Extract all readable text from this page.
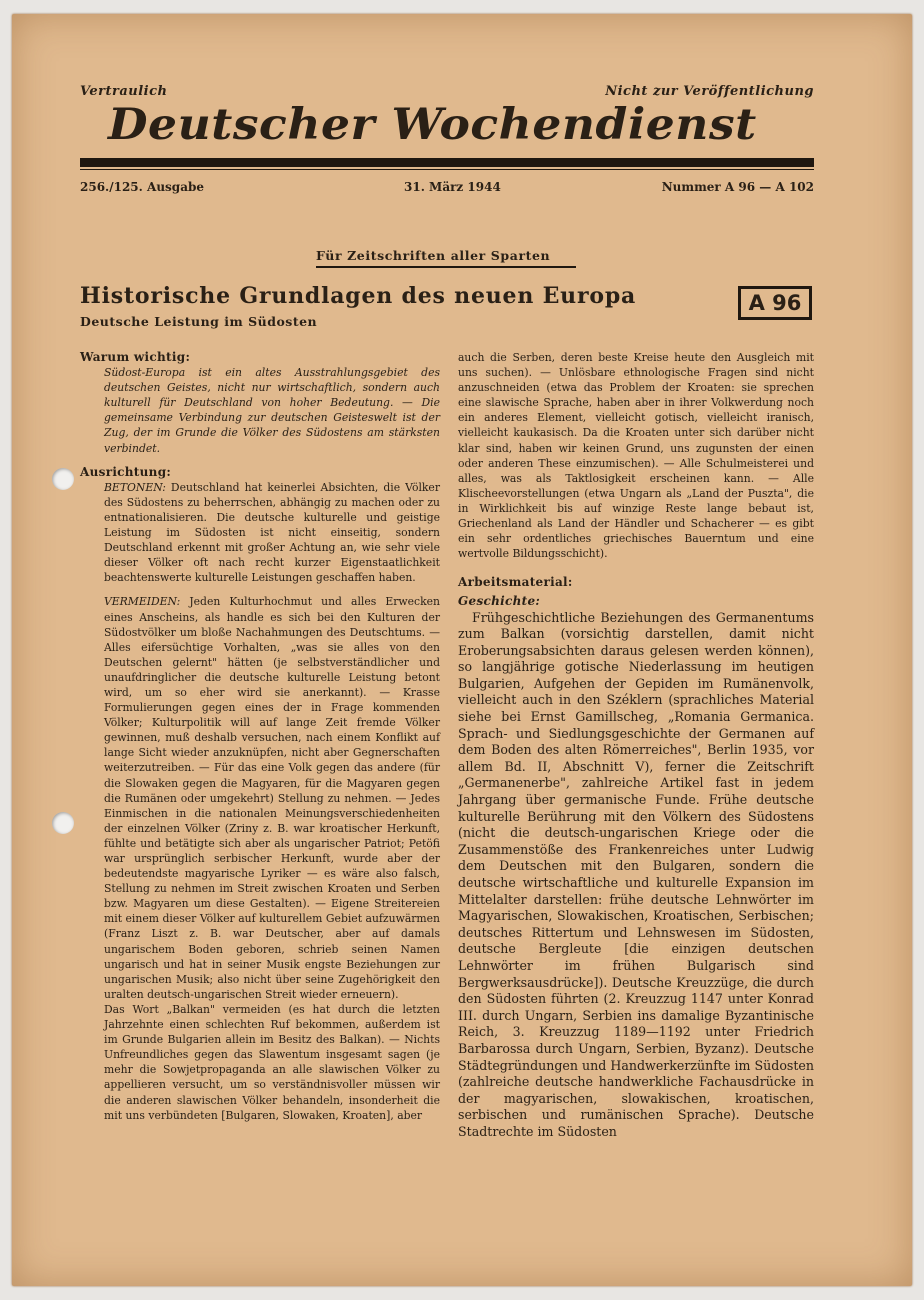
Vertraulich	Nicht zur Veröffentlichung
Deutscher Wochendienst
256./125. Ausgabe	31. März 1944	Nummer A 96 — A 102
Für Zeitschriften aller Sparten
Historische Grundlagen des neuen Europa
Deutsche Leistung im Südosten
A 96

Warum wichtig:

Südost-Europa ist ein altes Ausstrahlungsgebiet des deutschen Geistes, nicht nur wirtschaftlich, sondern auch kulturell für Deutschland von hoher Bedeutung. — Die gemeinsame Verbindung zur deutschen Geisteswelt ist der Zug, der im Grunde die Völker des Südostens am stärksten verbindet.

Ausrichtung:

BETONEN: Deutschland hat keinerlei Absichten, die Völker des Südostens zu beherrschen, abhängig zu machen oder zu entnationalisieren. Die deutsche kulturelle und geistige Leistung im Südosten ist nicht einseitig, sondern Deutschland erkennt mit großer Achtung an, wie sehr viele dieser Völker oft nach recht kurzer Eigenstaatlichkeit beachtenswerte kulturelle Leistungen geschaffen haben.

VERMEIDEN: Jeden Kulturhochmut und alles Erwecken eines Anscheins, als handle es sich bei den Kulturen der Südostvölker um bloße Nachahmungen des Deutschtums. — Alles eifersüchtige Vorhalten, „was sie alles von den Deutschen gelernt" hätten (je selbstverständlicher und unaufdringlicher die deutsche kulturelle Leistung betont wird, um so eher wird sie anerkannt). — Krasse Formulierungen gegen eines der in Frage kommenden Völker; Kulturpolitik will auf lange Zeit fremde Völker gewinnen, muß deshalb versuchen, nach einem Konflikt auf lange Sicht wieder anzuknüpfen, nicht aber Gegnerschaften weiterzutreiben. — Für das eine Volk gegen das andere (für die Slowaken gegen die Magyaren, für die Magyaren gegen die Rumänen oder umgekehrt) Stellung zu nehmen. — Jedes Einmischen in die nationalen Meinungsverschiedenheiten der einzelnen Völker (Zriny z. B. war kroatischer Herkunft, fühlte und betätigte sich aber als ungarischer Patriot; Petöfi war ursprünglich serbischer Herkunft, wurde aber der bedeutendste magyarische Lyriker — es wäre also falsch, Stellung zu nehmen im Streit zwischen Kroaten und Serben bzw. Magyaren um diese Gestalten). — Eigene Streitereien mit einem dieser Völker auf kulturellem Gebiet aufzuwärmen (Franz Liszt z. B. war Deutscher, aber auf damals ungarischem Boden geboren, schrieb seinen Namen ungarisch und hat in seiner Musik engste Beziehungen zur ungarischen Musik; also nicht über seine Zugehörigkeit den uralten deutsch-ungarischen Streit wieder erneuern).

Das Wort „Balkan" vermeiden (es hat durch die letzten Jahrzehnte einen schlechten Ruf bekommen, außerdem ist im Grunde Bulgarien allein im Besitz des Balkan). — Nichts Unfreundliches gegen das Slawentum insgesamt sagen (je mehr die Sowjetpropaganda an alle slawischen Völker zu appellieren versucht, um so verständnisvoller müssen wir die anderen slawischen Völker behandeln, insonderheit die mit uns verbündeten [Bulgaren, Slowaken, Kroaten], aber

auch die Serben, deren beste Kreise heute den Ausgleich mit uns suchen). — Unlösbare ethnologische Fragen sind nicht anzuschneiden (etwa das Problem der Kroaten: sie sprechen eine slawische Sprache, haben aber in ihrer Volkwerdung noch ein anderes Element, vielleicht gotisch, vielleicht iranisch, vielleicht kaukasisch. Da die Kroaten unter sich darüber nicht klar sind, haben wir keinen Grund, uns zugunsten der einen oder anderen These einzumischen). — Alle Schulmeisterei und alles, was als Taktlosigkeit erscheinen kann. — Alle Klischeevorstellungen (etwa Ungarn als „Land der Puszta", die in Wirklichkeit bis auf winzige Reste lange bebaut ist, Griechenland als Land der Händler und Schacherer — es gibt ein sehr ordentliches griechisches Bauerntum und eine wertvolle Bildungsschicht).

Arbeitsmaterial:

Geschichte:

Frühgeschichtliche Beziehungen des Germanentums zum Balkan (vorsichtig darstellen, damit nicht Eroberungsabsichten daraus gelesen werden können), so langjährige gotische Niederlassung im heutigen Bulgarien, Aufgehen der Gepiden im Rumänenvolk, vielleicht auch in den Széklern (sprachliches Material siehe bei Ernst Gamillscheg, „Romania Germanica. Sprach- und Siedlungsgeschichte der Germanen auf dem Boden des alten Römerreiches", Berlin 1935, vor allem Bd. II, Abschnitt V), ferner die Zeitschrift „Germanenerbe", zahlreiche Artikel fast in jedem Jahrgang über germanische Funde. Frühe deutsche kulturelle Berührung mit den Völkern des Südostens (nicht die deutsch-ungarischen Kriege oder die Zusammenstöße des Frankenreiches unter Ludwig dem Deutschen mit den Bulgaren, sondern die deutsche wirtschaftliche und kulturelle Expansion im Mittelalter darstellen: frühe deutsche Lehnwörter im Magyarischen, Slowakischen, Kroatischen, Serbischen; deutsches Rittertum und Lehnswesen im Südosten, deutsche Bergleute [die einzigen deutschen Lehnwörter im frühen Bulgarisch sind Bergwerksausdrücke]). Deutsche Kreuzzüge, die durch den Südosten führten (2. Kreuzzug 1147 unter Konrad III. durch Ungarn, Serbien ins damalige Byzantinische Reich, 3. Kreuzzug 1189—1192 unter Friedrich Barbarossa durch Ungarn, Serbien, Byzanz). Deutsche Städtegründungen und Handwerkerzünfte im Südosten (zahlreiche deutsche handwerkliche Fachausdrücke in der magyarischen, slowakischen, kroatischen, serbischen und rumänischen Sprache). Deutsche Stadtrechte im Südosten
